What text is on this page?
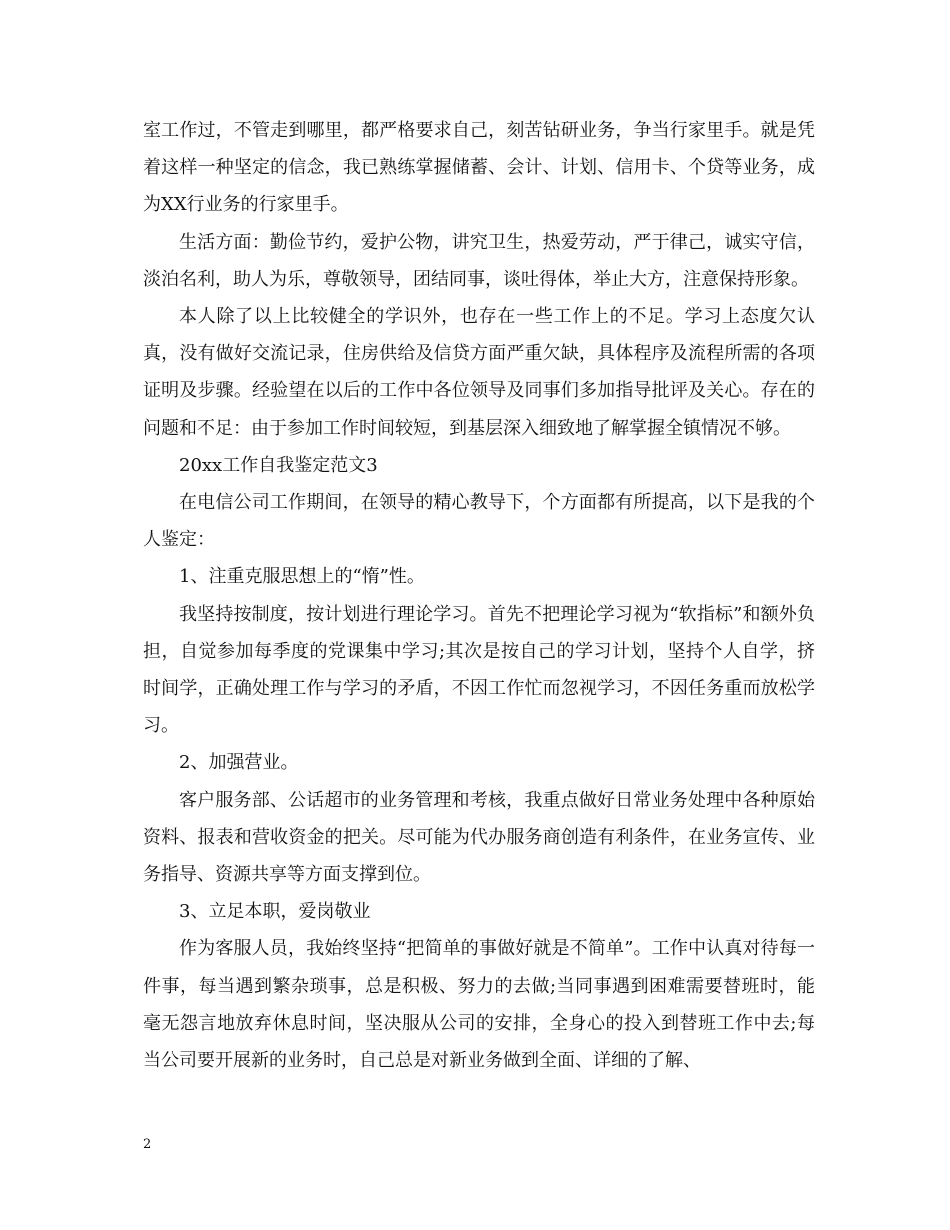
室工作过，不管走到哪里，都严格要求自己，刻苦钻研业务，争当行家里手。就是凭着这样一种坚定的信念，我已熟练掌握储蓄、会计、计划、信用卡、个贷等业务，成为XX行业务的行家里手。

生活方面：勤俭节约，爱护公物，讲究卫生，热爱劳动，严于律己，诚实守信，淡泊名利，助人为乐，尊敬领导，团结同事，谈吐得体，举止大方，注意保持形象。

本人除了以上比较健全的学识外，也存在一些工作上的不足。学习上态度欠认真，没有做好交流记录，住房供给及信贷方面严重欠缺，具体程序及流程所需的各项证明及步骤。经验望在以后的工作中各位领导及同事们多加指导批评及关心。存在的问题和不足：由于参加工作时间较短，到基层深入细致地了解掌握全镇情况不够。

20xx工作自我鉴定范文3

在电信公司工作期间，在领导的精心教导下，个方面都有所提高，以下是我的个人鉴定：

1、注重克服思想上的“惰”性。

我坚持按制度，按计划进行理论学习。首先不把理论学习视为“软指标”和额外负担，自觉参加每季度的党课集中学习;其次是按自己的学习计划，坚持个人自学，挤时间学，正确处理工作与学习的矛盾，不因工作忙而忽视学习，不因任务重而放松学习。

2、加强营业。

客户服务部、公话超市的业务管理和考核，我重点做好日常业务处理中各种原始资料、报表和营收资金的把关。尽可能为代办服务商创造有利条件，在业务宣传、业务指导、资源共享等方面支撑到位。

3、立足本职，爱岗敬业

作为客服人员，我始终坚持“把简单的事做好就是不简单”。工作中认真对待每一件事，每当遇到繁杂琐事，总是积极、努力的去做;当同事遇到困难需要替班时，能毫无怨言地放弃休息时间，坚决服从公司的安排，全身心的投入到替班工作中去;每当公司要开展新的业务时，自己总是对新业务做到全面、详细的了解、

2
